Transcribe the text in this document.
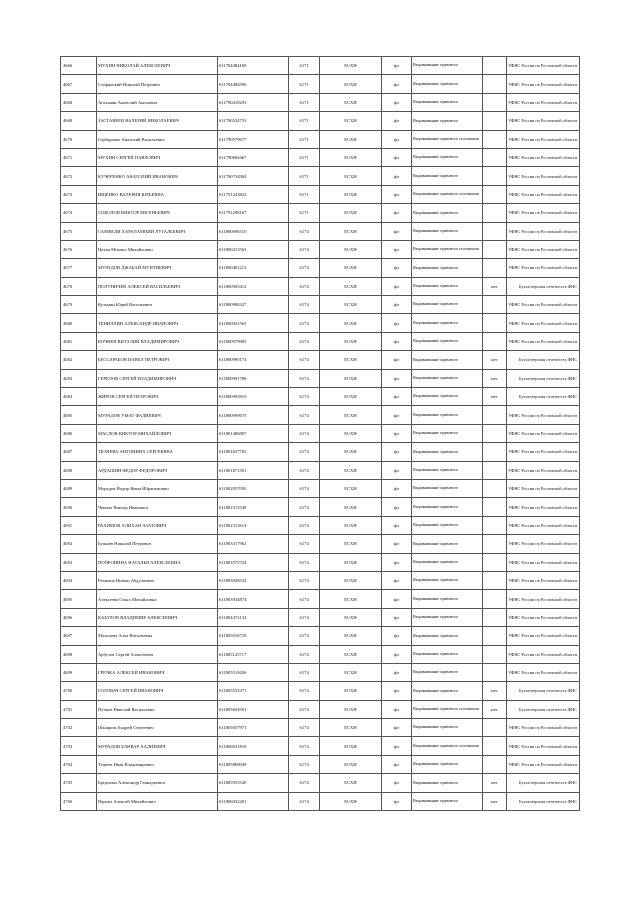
4666	МУХИН НИКОЛАЙ АЛЕКСЕЕВИЧ	611704484169	6171	ЕСХН	фл	Выравнивание правового		УФНС России по Ростовской области
4667	Стефанский Николай Петрович	611704484596	6171	ЕСХН	фл	Выравнивание правового		УФНС России по Ростовской области
4668	Агаханян Анатолий Акопович	611790418293	6171	ЕСХН	фл	Выравнивание правового		УФНС России по Ростовской области
4669	ЗАСТАВЕЕВ ВАЛЕРИЙ НИКОЛАЕВИЧ	611790524753	6171	ЕСХН	фл	Выравнивание правового		УФНС России по Ростовской области
4670	Горбаренко Анатолий Васильевич	611790579677	6171	ЕСХН	фл	Выравнивание правового положения		УФНС России по Ростовской области
4671	МУХИН СЕРГЕЙ ПАВЛОВИЧ	611790684467	6171	ЕСХН	фл	Выравнивание правового		УФНС России по Ростовской области
4672	КУЧЕРЕНКО АНАТОЛИЙ ИВАНОВИЧ	611790734904	6171	ЕСХН	фл	Выравнивание правового		УФНС России по Ростовской области
4673	ИЩЕНКО ВАЛЕРИЯ ЮРЬЕВНА	611791243823	6171	ЕСХН	фл	Выравнивание правового положения		УФНС России по Ростовской области
4674	СОКОЛОВ ВИКТОР ЕВГЕНЬЕВИЧ	611791298167	6171	ЕСХН	фл	Выравнивание правового		УФНС России по Ростовской области
4675	САМВЕДИ ХАРАЛАМПИЙ ЛУГАЛЬЕВИЧ	611800096510	6174	ЕСХН	фл	Выравнивание правового		УФНС России по Ростовской области
4676	Цехан Михаил Михайлович	611800413563	6174	ЕСХН	фл	Выравнивание правового положения		УФНС России по Ростовской области
4677	МУРАДОВ ДЖАБАЙ МУНТИЕВИЧ	611800481213	6174	ЕСХН	фл	Выравнивание правового		УФНС России по Ростовской области
4678	ПОЛУНИЧЕВ АЛЕКСЕЙ ВАСИЛЬЕВИЧ	611800905412	6174	ЕСХН	фл	Выравнивание правового	нет	Бухгалтерская отчетность ФНС
4679	Кузьмин Юрий Васильевич	611800906327	6174	ЕСХН	фл	Выравнивание правового		УФНС России по Ростовской области
4680	ТЕНИЛЛИН АЛЕКСАНДР ИВАНОВИЧ	611800921565	6174	ЕСХН	фл	Выравнивание правового		УФНС России по Ростовской области
4681	КОЧНЕВ ВИТАЛИЙ ВЛАДИМИРОВИЧ	611800979985	6174	ЕСХН	фл	Выравнивание правового		УФНС России по Ростовской области
4682	БЕССАРАБОВ ПАВЕЛ ПЕТРОВИЧ	611800990174	6174	ЕСХН	фл	Выравнивание правового	нет	Бухгалтерская отчетность ФНС
4683	ГЕРЕЛОВ СЕРГЕЙ ВЛАДИМИРОВИЧ	611800991788	6174	ЕСХН	фл	Выравнивание правового	нет	Бухгалтерская отчетность ФНС
4684	ЖИРОВ СЕРГЕЙ ПЕТРОВИЧ	611800995810	6174	ЕСХН	фл	Выравнивание правового	нет	Бухгалтерская отчетность ФНС
4685	МУРАДОВ УМАТ ФАДИЕВИЧ	611800999675	6174	ЕСХН	фл	Выравнивание правового		УФНС России по Ростовской области
4686	МАСЛОВ ВИКТОР МИХАЙЛОВИЧ	611801486807	6174	ЕСХН	фл	Выравнивание правового		УФНС России по Ростовской области
4687	ТКАЧЕВА АНТОНИНА СЕРГЕЕВНА	611801657765	6174	ЕСХН	фл	Выравнивание правового		УФНС России по Ростовской области
4688	АРДАШИН ФЕДОР ФЕДОРОВИЧ	611801871501	6174	ЕСХН	фл	Выравнивание правового		УФНС России по Ростовской области
4689	Мурадов Надир Ямин Ибрагимович	611802057050	6174	ЕСХН	фл	Выравнивание правового		УФНС России по Ростовской области
4690	Чекмач Виктор Иванович	611802311549	6174	ЕСХН	фл	Выравнивание правового		УФНС России по Ростовской области
4691	РАХИМОВ АЛИХАН АЗАТОВИЧ	611802312614	6174	ЕСХН	фл	Выравнивание правового		УФНС России по Ростовской области
4692	Бушнев Николай Петрович	611803317962	6174	ЕСХН	фл	Выравнивание правового		УФНС России по Ростовской области
4693	ПОПРОНИНА НАТАЛЬЯ АЛЕКСЕЕВНА	611803575724	6174	ЕСХН	фл	Выравнивание правового		УФНС России по Ростовской области
4694	Рахимов Нишан Абдулаевич	611803928534	6174	ЕСХН	фл	Выравнивание правового		УФНС России по Ростовской области
4695	Алексеева Ольга Михайловна	611803934874	6174	ЕСХН	фл	Выравнивание правового		УФНС России по Ростовской области
4696	КАБУЛОВ ВЛАДИМИР АЛЕКСЕЕВИЧ	611804472134	6174	ЕСХН	фл	Выравнивание правового		УФНС России по Ростовской области
4697	Мальцева Алла Витальевна	611805016718	6174	ЕСХН	фл	Выравнивание правового		УФНС России по Ростовской области
4698	Арбузов Сергей Алексеевич	611805125717	6174	ЕСХН	фл	Выравнивание правового		УФНС России по Ростовской области
4699	ГРЕЧКА АЛЕКСЕЙ ИВАНОВИЧ	611805519456	6174	ЕСХН	фл	Выравнивание правового		УФНС России по Ростовской области
4700	ГОЛОВАЧ СЕРГЕЙ ИВАНОВИЧ	611805533371	6174	ЕСХН	фл	Выравнивание правового	нет	Бухгалтерская отчетность ФНС
4701	Пучков Николай Васильевич	611805604501	6174	ЕСХН	фл	Выравнивание правового положения	нет	Бухгалтерская отчетность ФНС
4702	Шкляров Андрей Сергеевич	611805657971	6174	ЕСХН	фл	Выравнивание правового		УФНС России по Ростовской области
4703	МУРАДОВ БАНВАР ХАЛИЕВИЧ	611806031818	6174	ЕСХН	фл	Выравнивание правового положения		УФНС России по Ростовской области
4704	Тещеев Иван Владимирович	611805869049	6174	ЕСХН	фл	Выравнивание правового		УФНС России по Ростовской области
4705	Бредихин Александр Геннадьевич	611805955540	6174	ЕСХН	фл	Выравнивание правового	нет	Бухгалтерская отчетность ФНС
4706	Пархиз Алексей Михайлович	611806032201	6174	ЕСХН	фл	Выравнивание правового	нет	Бухгалтерская отчетность ФНС
